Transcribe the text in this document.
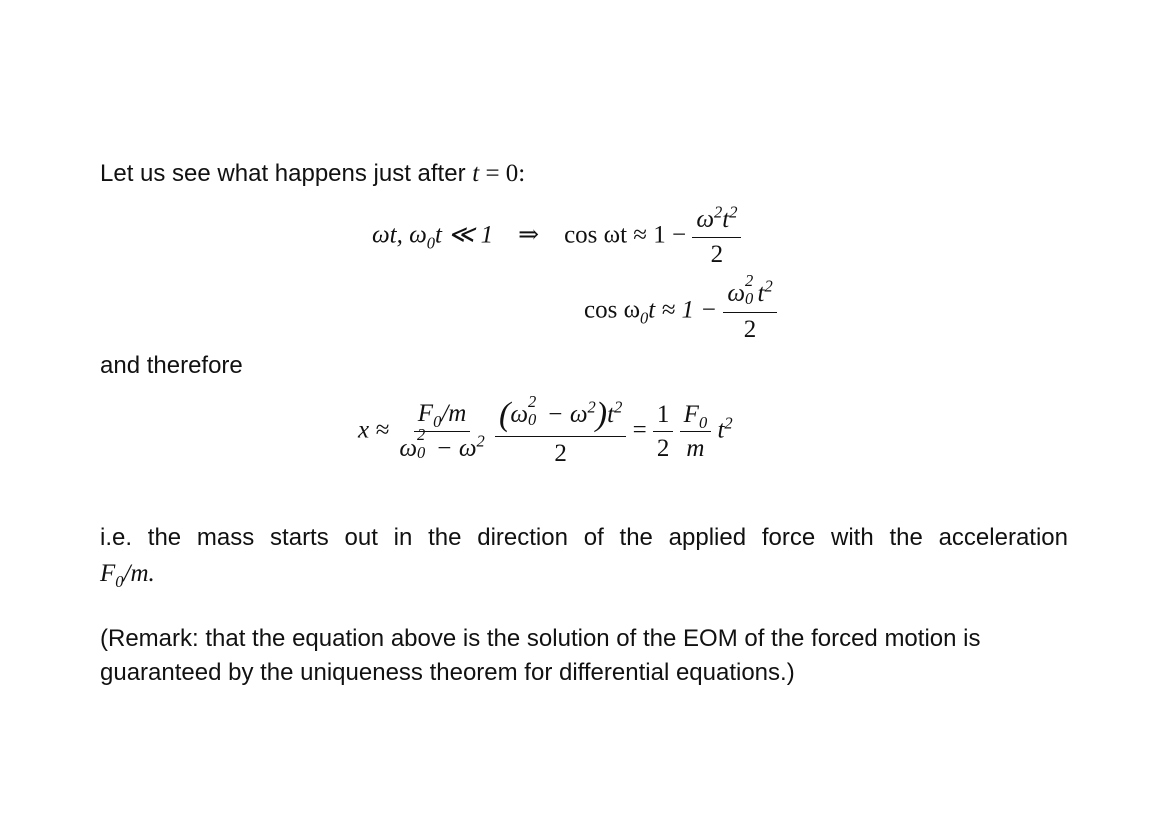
Let us see what happens just after t = 0:
ωt, $\omega_0t$ ≪ 1 ⇒ $\cos \omega t \approx 1 - \frac{\omega^2t^2}{2}$
$\cos \omega_0t \approx 1 - \omega$ 2
0 $t^2$
2
and therefore
$x \approx F_0/m$
ω 2
$0 - \omega^2$
(ω 2
$0 - \omega^2)t^2$
$2 = \frac{1}{2}$
$\frac{F_0}{m} t^2$
i.e. the mass starts out in the direction of the applied force with the acceleration
$F_0/m$.
(Remark: that the equation above is the solution of the EOM of the forced motion is guaranteed by the uniqueness theorem for differential equations.)
